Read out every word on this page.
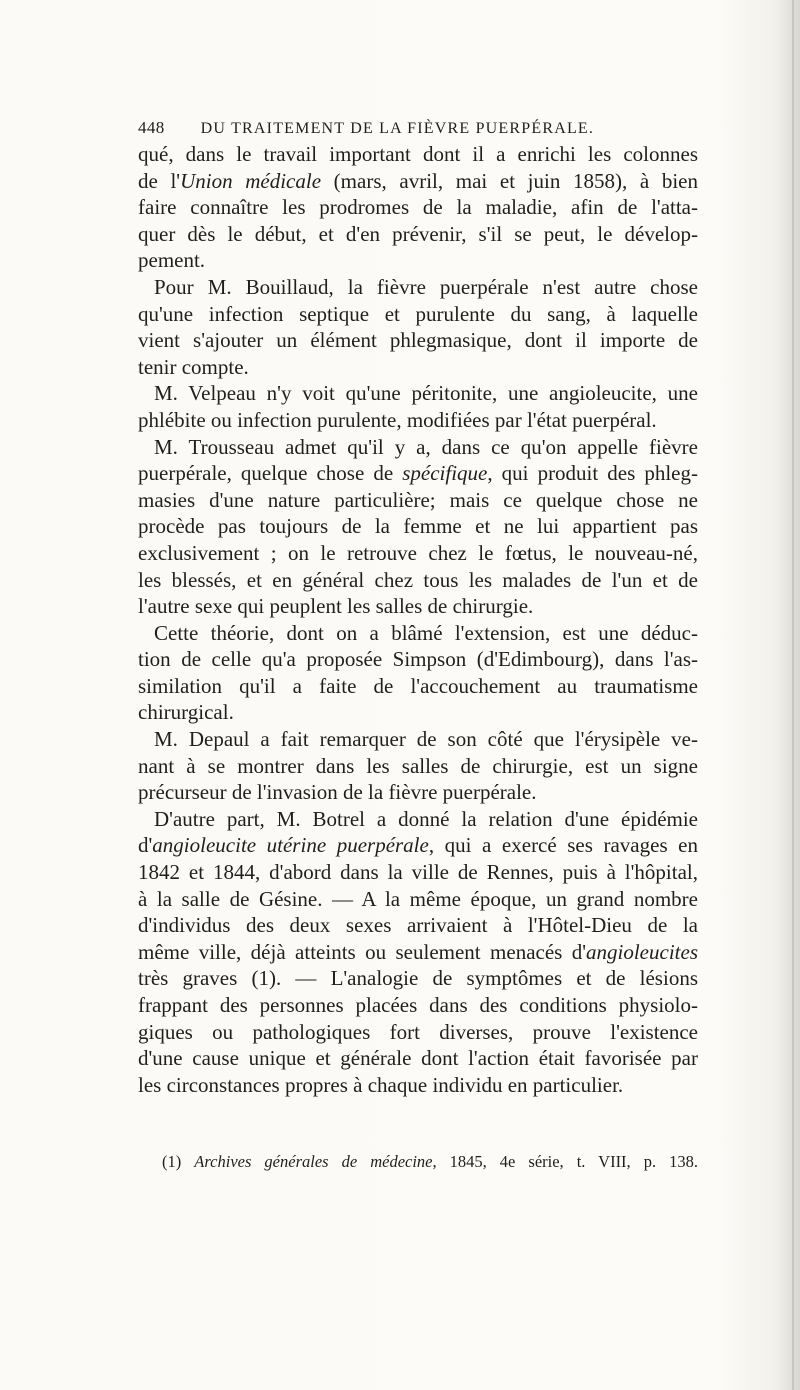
448 DU TRAITEMENT DE LA FIÈVRE PUERPÉRALE.
qué, dans le travail important dont il a enrichi les colonnes
de l'Union médicale (mars, avril, mai et juin 1858), à bien
faire connaître les prodromes de la maladie, afin de l'atta-
quer dès le début, et d'en prévenir, s'il se peut, le dévelop-
pement.
Pour M. Bouillaud, la fièvre puerpérale n'est autre chose
qu'une infection septique et purulente du sang, à laquelle
vient s'ajouter un élément phlegmasique, dont il importe de
tenir compte.
M. Velpeau n'y voit qu'une péritonite, une angioleucite, une
phlébite ou infection purulente, modifiées par l'état puerpéral.
M. Trousseau admet qu'il y a, dans ce qu'on appelle fièvre
puerpérale, quelque chose de spécifique, qui produit des phleg-
masies d'une nature particulière; mais ce quelque chose ne
procède pas toujours de la femme et ne lui appartient pas
exclusivement ; on le retrouve chez le fœtus, le nouveau-né,
les blessés, et en général chez tous les malades de l'un et de
l'autre sexe qui peuplent les salles de chirurgie.
Cette théorie, dont on a blâmé l'extension, est une déduc-
tion de celle qu'a proposée Simpson (d'Edimbourg), dans l'as-
similation qu'il a faite de l'accouchement au traumatisme
chirurgical.
M. Depaul a fait remarquer de son côté que l'érysipèle ve-
nant à se montrer dans les salles de chirurgie, est un signe
précurseur de l'invasion de la fièvre puerpérale.
D'autre part, M. Botrel a donné la relation d'une épidémie
d'angioleucite utérine puerpérale, qui a exercé ses ravages en
1842 et 1844, d'abord dans la ville de Rennes, puis à l'hôpital,
à la salle de Gésine. — A la même époque, un grand nombre
d'individus des deux sexes arrivaient à l'Hôtel-Dieu de la
même ville, déjà atteints ou seulement menacés d'angioleucites
très graves (1). — L'analogie de symptômes et de lésions
frappant des personnes placées dans des conditions physiolo-
giques ou pathologiques fort diverses, prouve l'existence
d'une cause unique et générale dont l'action était favorisée par
les circonstances propres à chaque individu en particulier.
(1) Archives générales de médecine, 1845, 4e série, t. VIII, p. 138.
